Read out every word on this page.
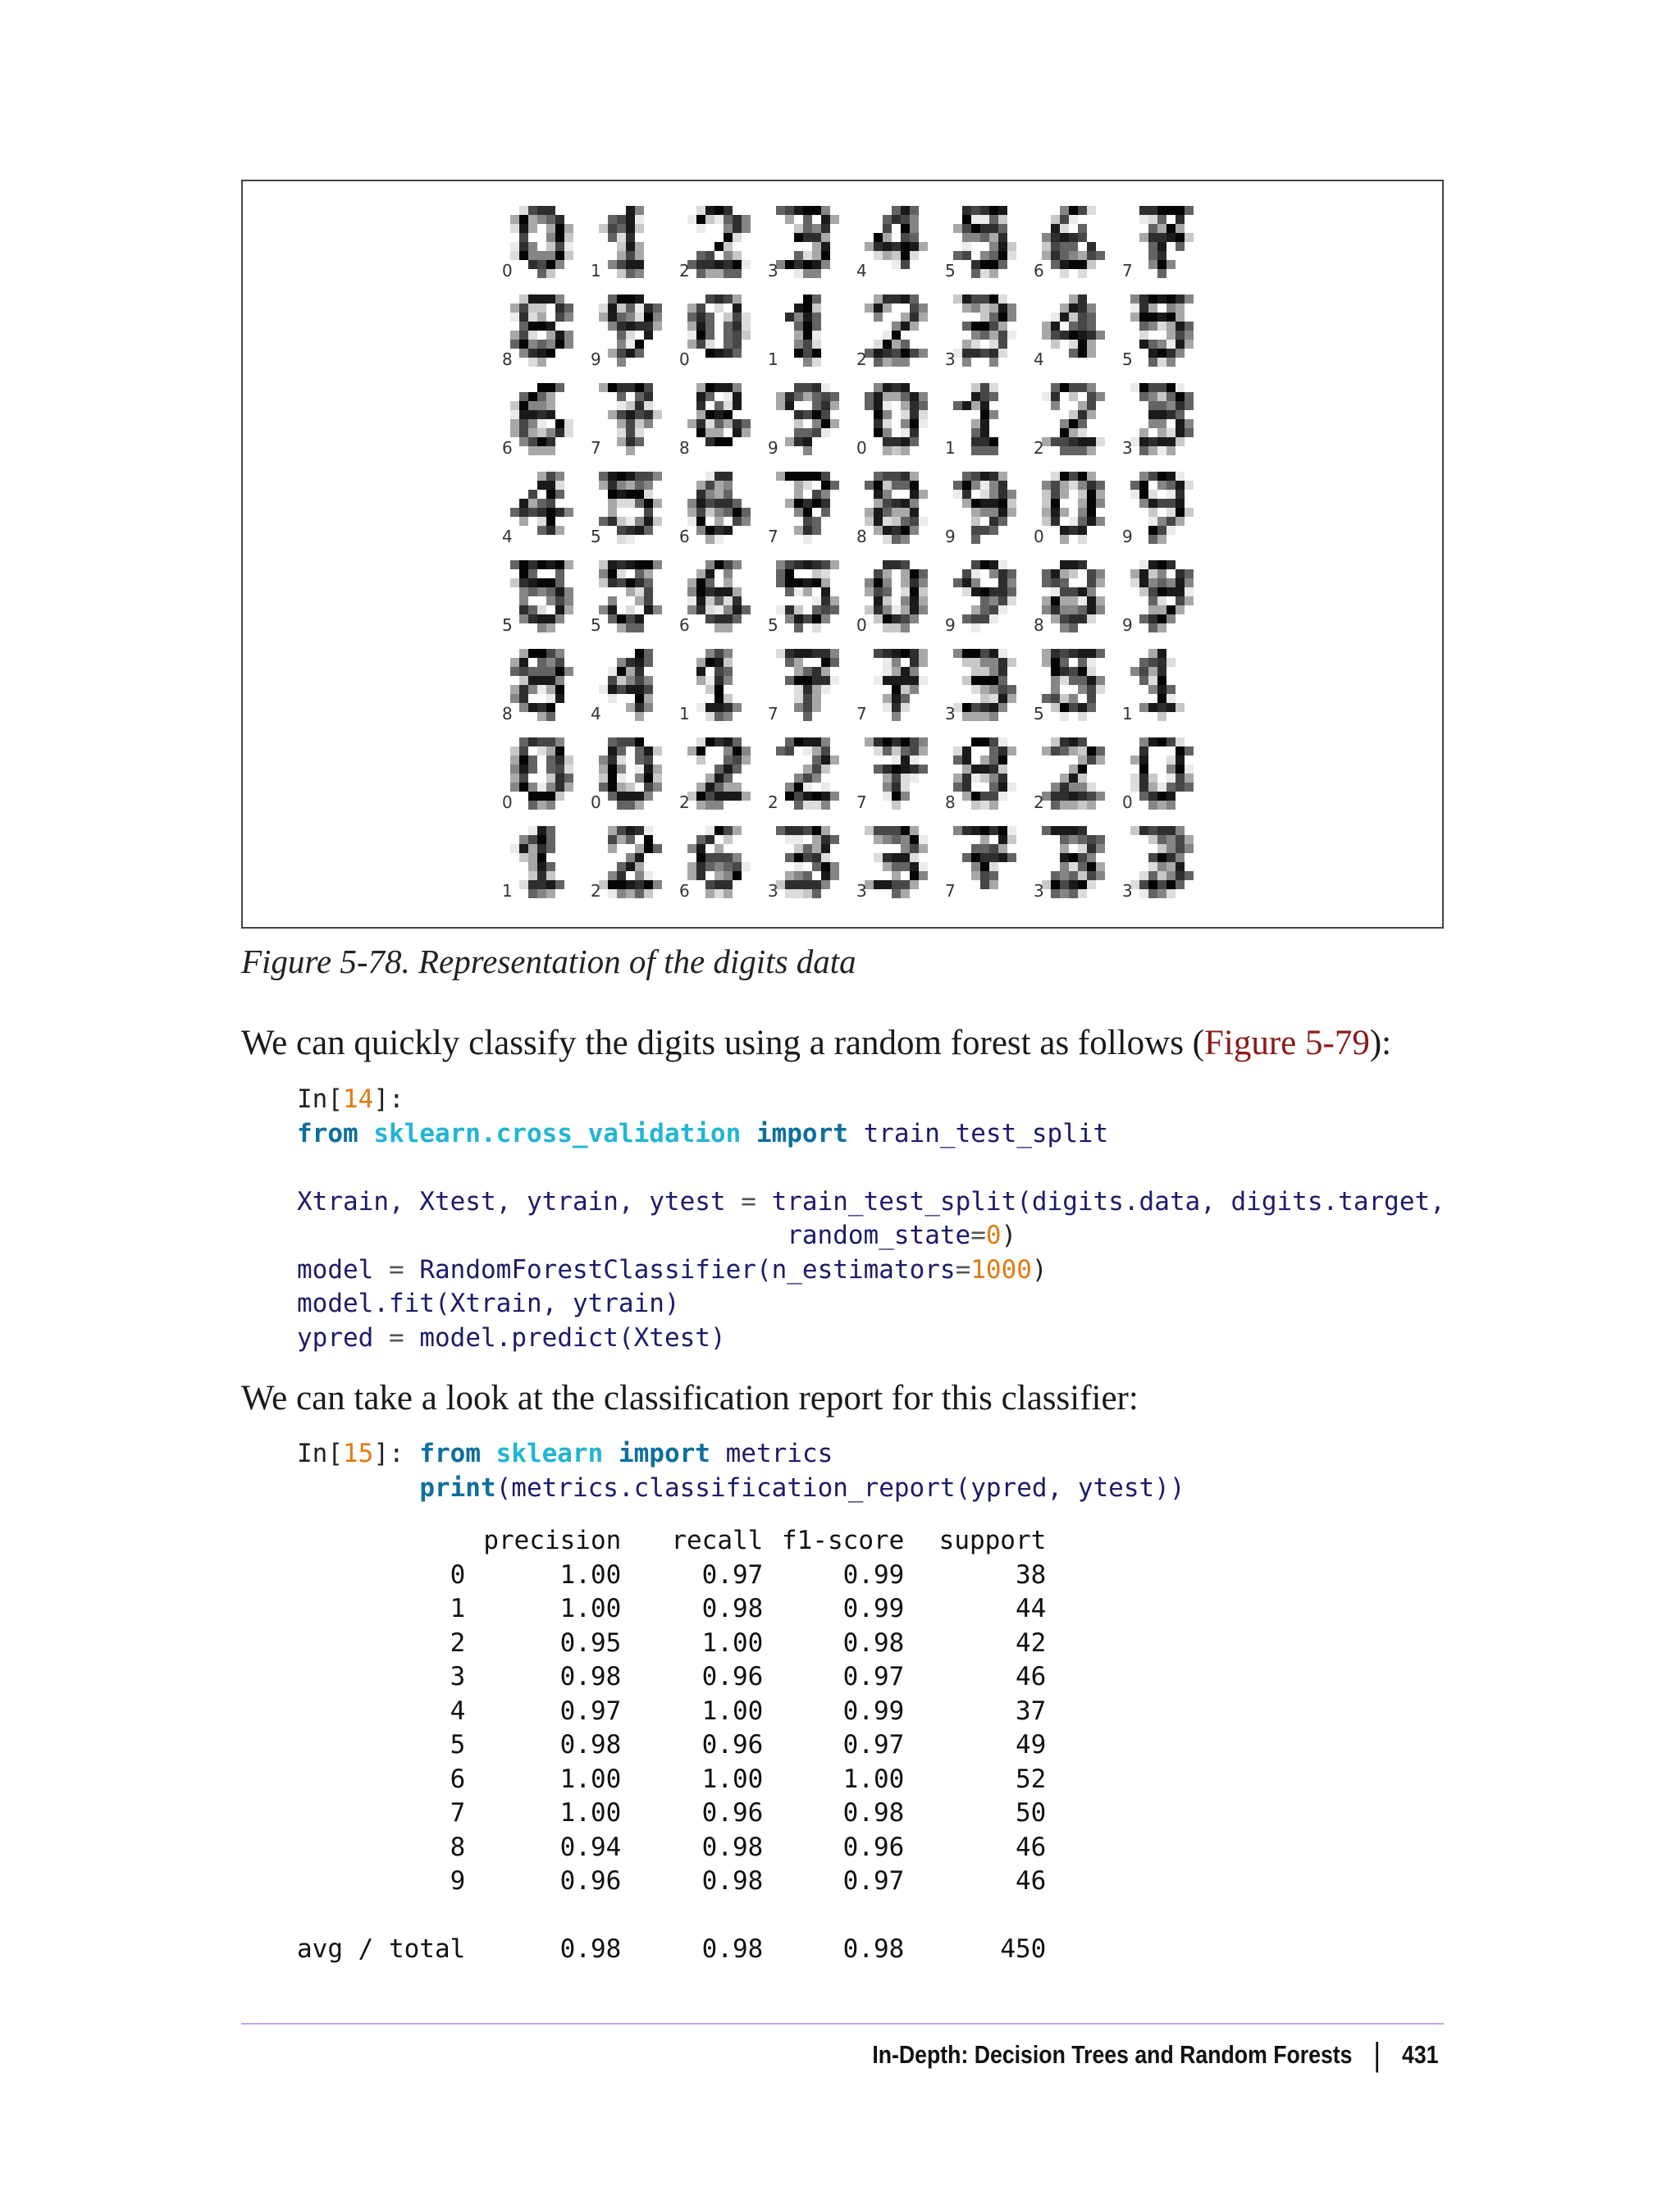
0	1	2	3	4	5	6	7
8	9	0	1	2	3	4	5
6	7	8	9	0	1	2	3
4	5	6	7	8	9	0	9
5	5	6	5	0	9	8	9
8	4	1	7	7	3	5	1
0	0	2	2	7	8	2	0
1	2	6	3	3	7	3	3
Figure 5-78. Representation of the digits data
We can quickly classify the digits using a random forest as follows (Figure 5-79):
In[14]:
from sklearn.cross_validation import train_test_split

Xtrain, Xtest, ytrain, ytest = train_test_split(digits.data, digits.target,
random_state=0)
model = RandomForestClassifier(n_estimators=1000)
model.fit(Xtrain, ytrain)
ypred = model.predict(Xtest)
We can take a look at the classification report for this classifier:
In[15]: from sklearn import metrics
print(metrics.classification_report(ypred, ytest))
	precision	recall	f1-score	support
0	1.00	0.97	0.99	38
1	1.00	0.98	0.99	44
2	0.95	1.00	0.98	42
3	0.98	0.96	0.97	46
4	0.97	1.00	0.99	37
5	0.98	0.96	0.97	49
6	1.00	1.00	1.00	52
7	1.00	0.96	0.98	50
8	0.94	0.98	0.96	46
9	0.96	0.98	0.97	46

avg / total	0.98	0.98	0.98	450
In-Depth: Decision Trees and Random Forests | 431
